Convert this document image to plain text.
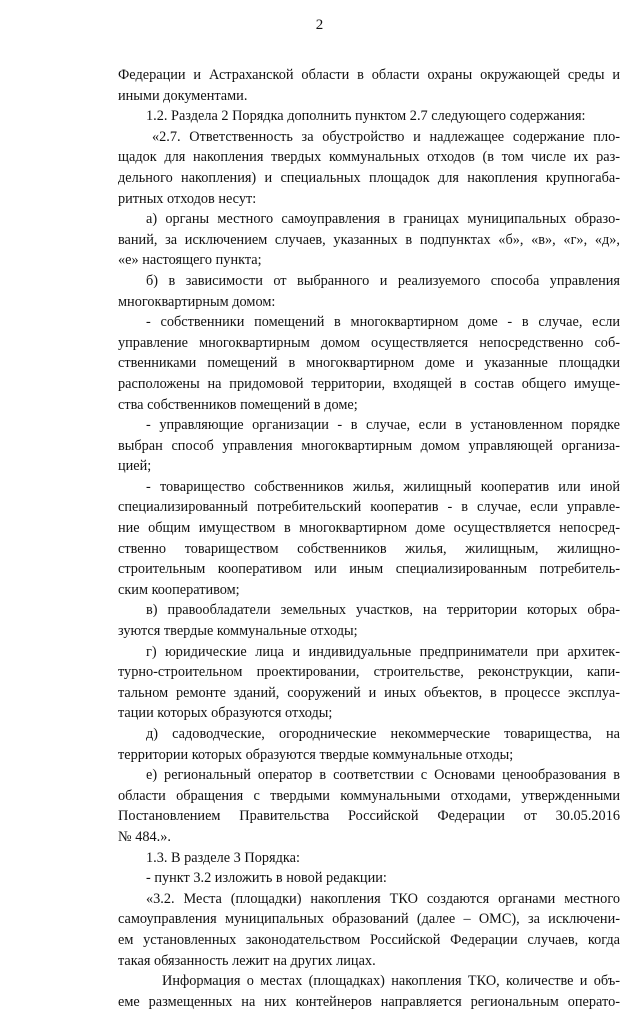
2
Федерации и Астраханской области в области охраны окружающей среды и
иными документами.
1.2. Раздела 2 Порядка дополнить пунктом 2.7 следующего содержания:
«2.7. Ответственность за обустройство и надлежащее содержание пло-
щадок для накопления твердых коммунальных отходов (в том числе их раз-
дельного накопления) и специальных площадок для накопления крупногаба-
ритных отходов несут:
а) органы местного самоуправления в границах муниципальных образо-
ваний, за исключением случаев, указанных в подпунктах «б», «в», «г», «д»,
«е» настоящего пункта;
б) в зависимости от выбранного и реализуемого способа управления
многоквартирным домом:
- собственники помещений в многоквартирном доме - в случае, если
управление многоквартирным домом осуществляется непосредственно соб-
ственниками помещений в многоквартирном доме и указанные площадки
расположены на придомовой территории, входящей в состав общего имуще-
ства собственников помещений в доме;
- управляющие организации - в случае, если в установленном порядке
выбран способ управления многоквартирным домом управляющей организа-
цией;
- товарищество собственников жилья, жилищный кооператив или иной
специализированный потребительский кооператив - в случае, если управле-
ние общим имуществом в многоквартирном доме осуществляется непосред-
ственно товариществом собственников жилья, жилищным, жилищно-
строительным кооперативом или иным специализированным потребитель-
ским кооперативом;
в) правообладатели земельных участков, на территории которых обра-
зуются твердые коммунальные отходы;
г) юридические лица и индивидуальные предприниматели при архитек-
турно-строительном проектировании, строительстве, реконструкции, капи-
тальном ремонте зданий, сооружений и иных объектов, в процессе эксплуа-
тации которых образуются отходы;
д) садоводческие, огороднические некоммерческие товарищества, на
территории которых образуются твердые коммунальные отходы;
е) региональный оператор в соответствии с Основами ценообразования в
области обращения с твердыми коммунальными отходами, утвержденными
Постановлением Правительства Российской Федерации от 30.05.2016
№ 484.».
1.3. В разделе 3 Порядка:
- пункт 3.2 изложить в новой редакции:
«3.2. Места (площадки) накопления ТКО создаются органами местного
самоуправления муниципальных образований (далее – ОМС), за исключени-
ем установленных законодательством Российской Федерации случаев, когда
такая обязанность лежит на других лицах.
Информация о местах (площадках) накопления ТКО, количестве и объ-
еме размещенных на них контейнеров направляется региональным операто-
